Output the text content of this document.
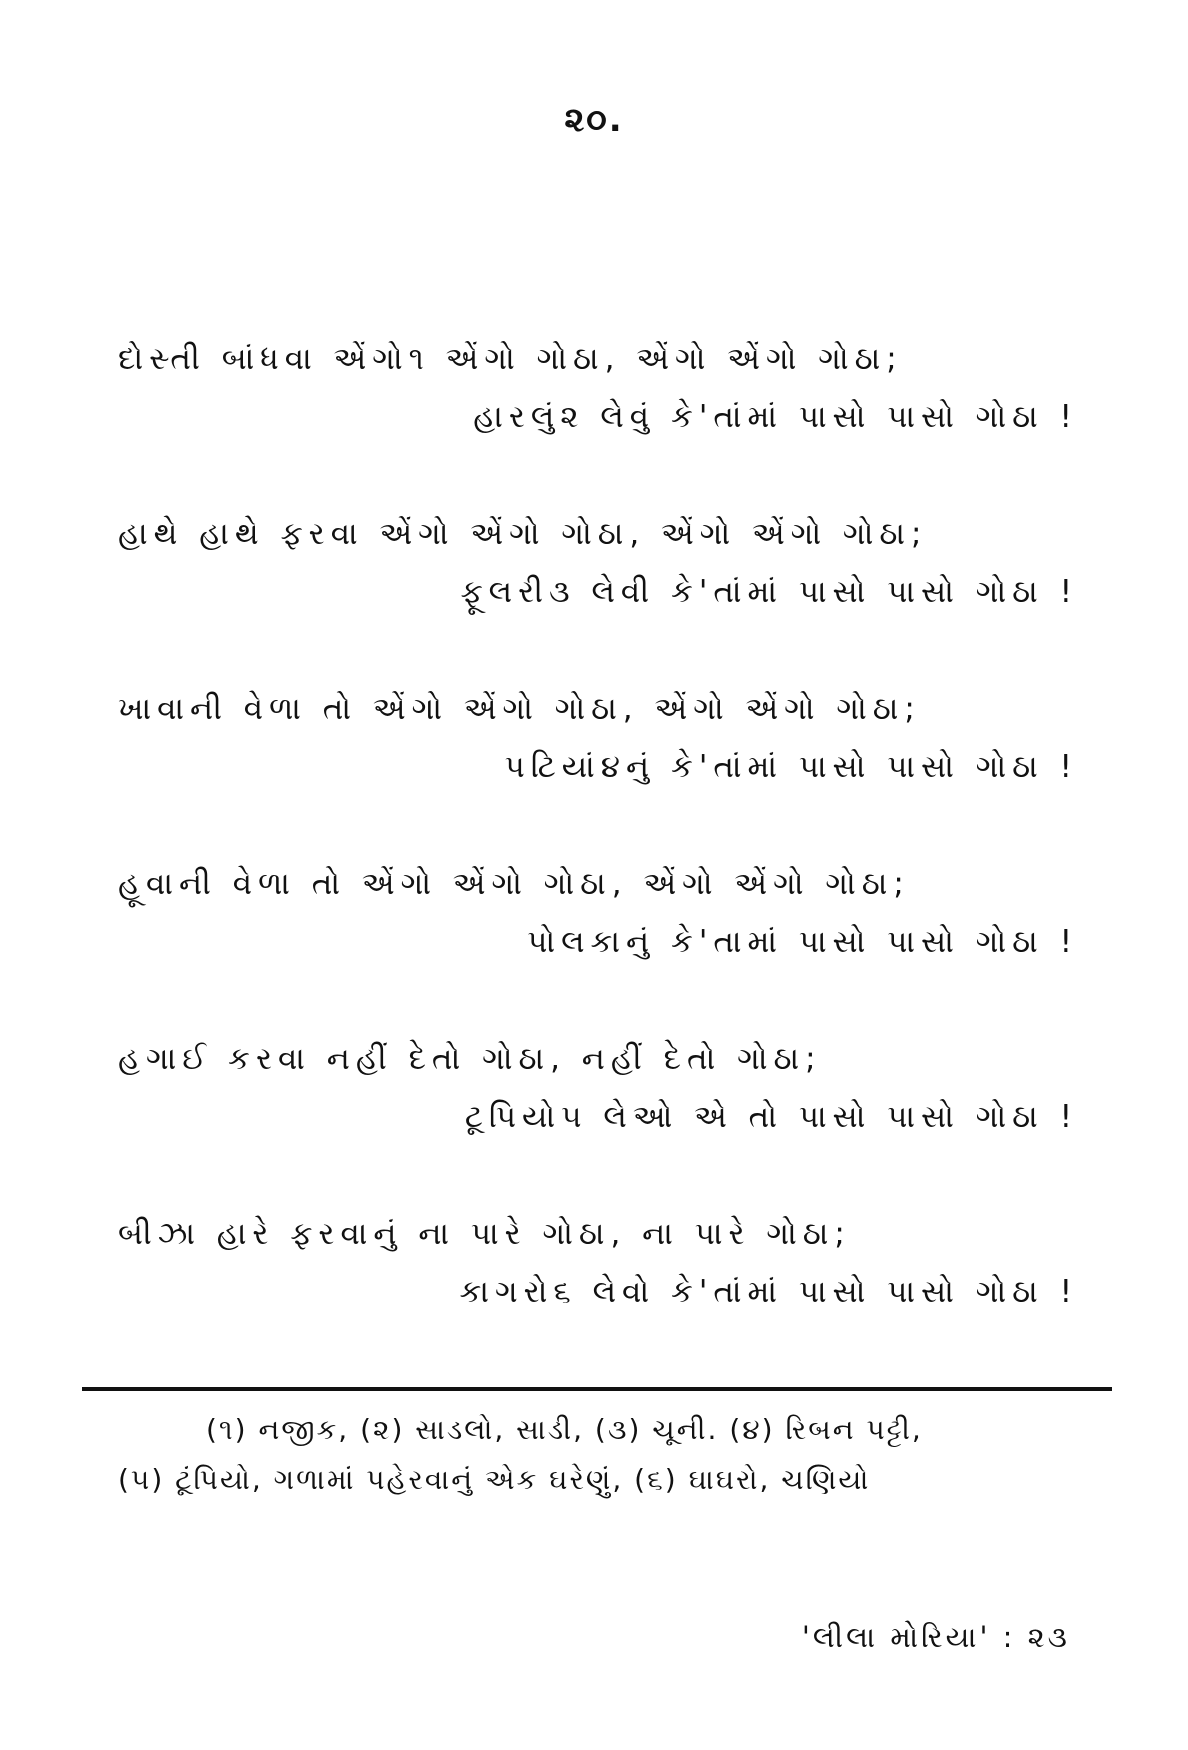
૨૦.
દોસ્તી બાંધવા એંગો૧ એંગો ગોઠા, એંગો એંગો ગોઠા;
હારલું૨ લેવું કે'તાંમાં પાસો પાસો ગોઠા !
હાથે હાથે ફરવા એંગો એંગો ગોઠા, એંગો એંગો ગોઠા;
ફૂલરી૩ લેવી કે'તાંમાં પાસો પાસો ગોઠા !
ખાવાની વેળા તો એંગો એંગો ગોઠા, એંગો એંગો ગોઠા;
પટિયાં૪નું કે'તાંમાં પાસો પાસો ગોઠા !
હૂવાની વેળા તો એંગો એંગો ગોઠા, એંગો એંગો ગોઠા;
પોલકાનું કે'તામાં પાસો પાસો ગોઠા !
હગાઈ કરવા નહીં દેતો ગોઠા, નહીં દેતો ગોઠા;
ટૂપિયો૫ લેઓ એ તો પાસો પાસો ગોઠા !
બીઝા હારે ફરવાનું ના પારે ગોઠા, ના પારે ગોઠા;
કાગરો૬ લેવો કે'તાંમાં પાસો પાસો ગોઠા !
(૧) નજીક, (૨) સાડલો, સાડી, (૩) ચૂની. (૪) રિબન પટ્ટી,
(૫) ટૂંપિયો, ગળામાં પહેરવાનું એક ઘરેણું, (૬) ઘાઘરો, ચણિયો
'લીલા મોરિયા' : ૨૩
